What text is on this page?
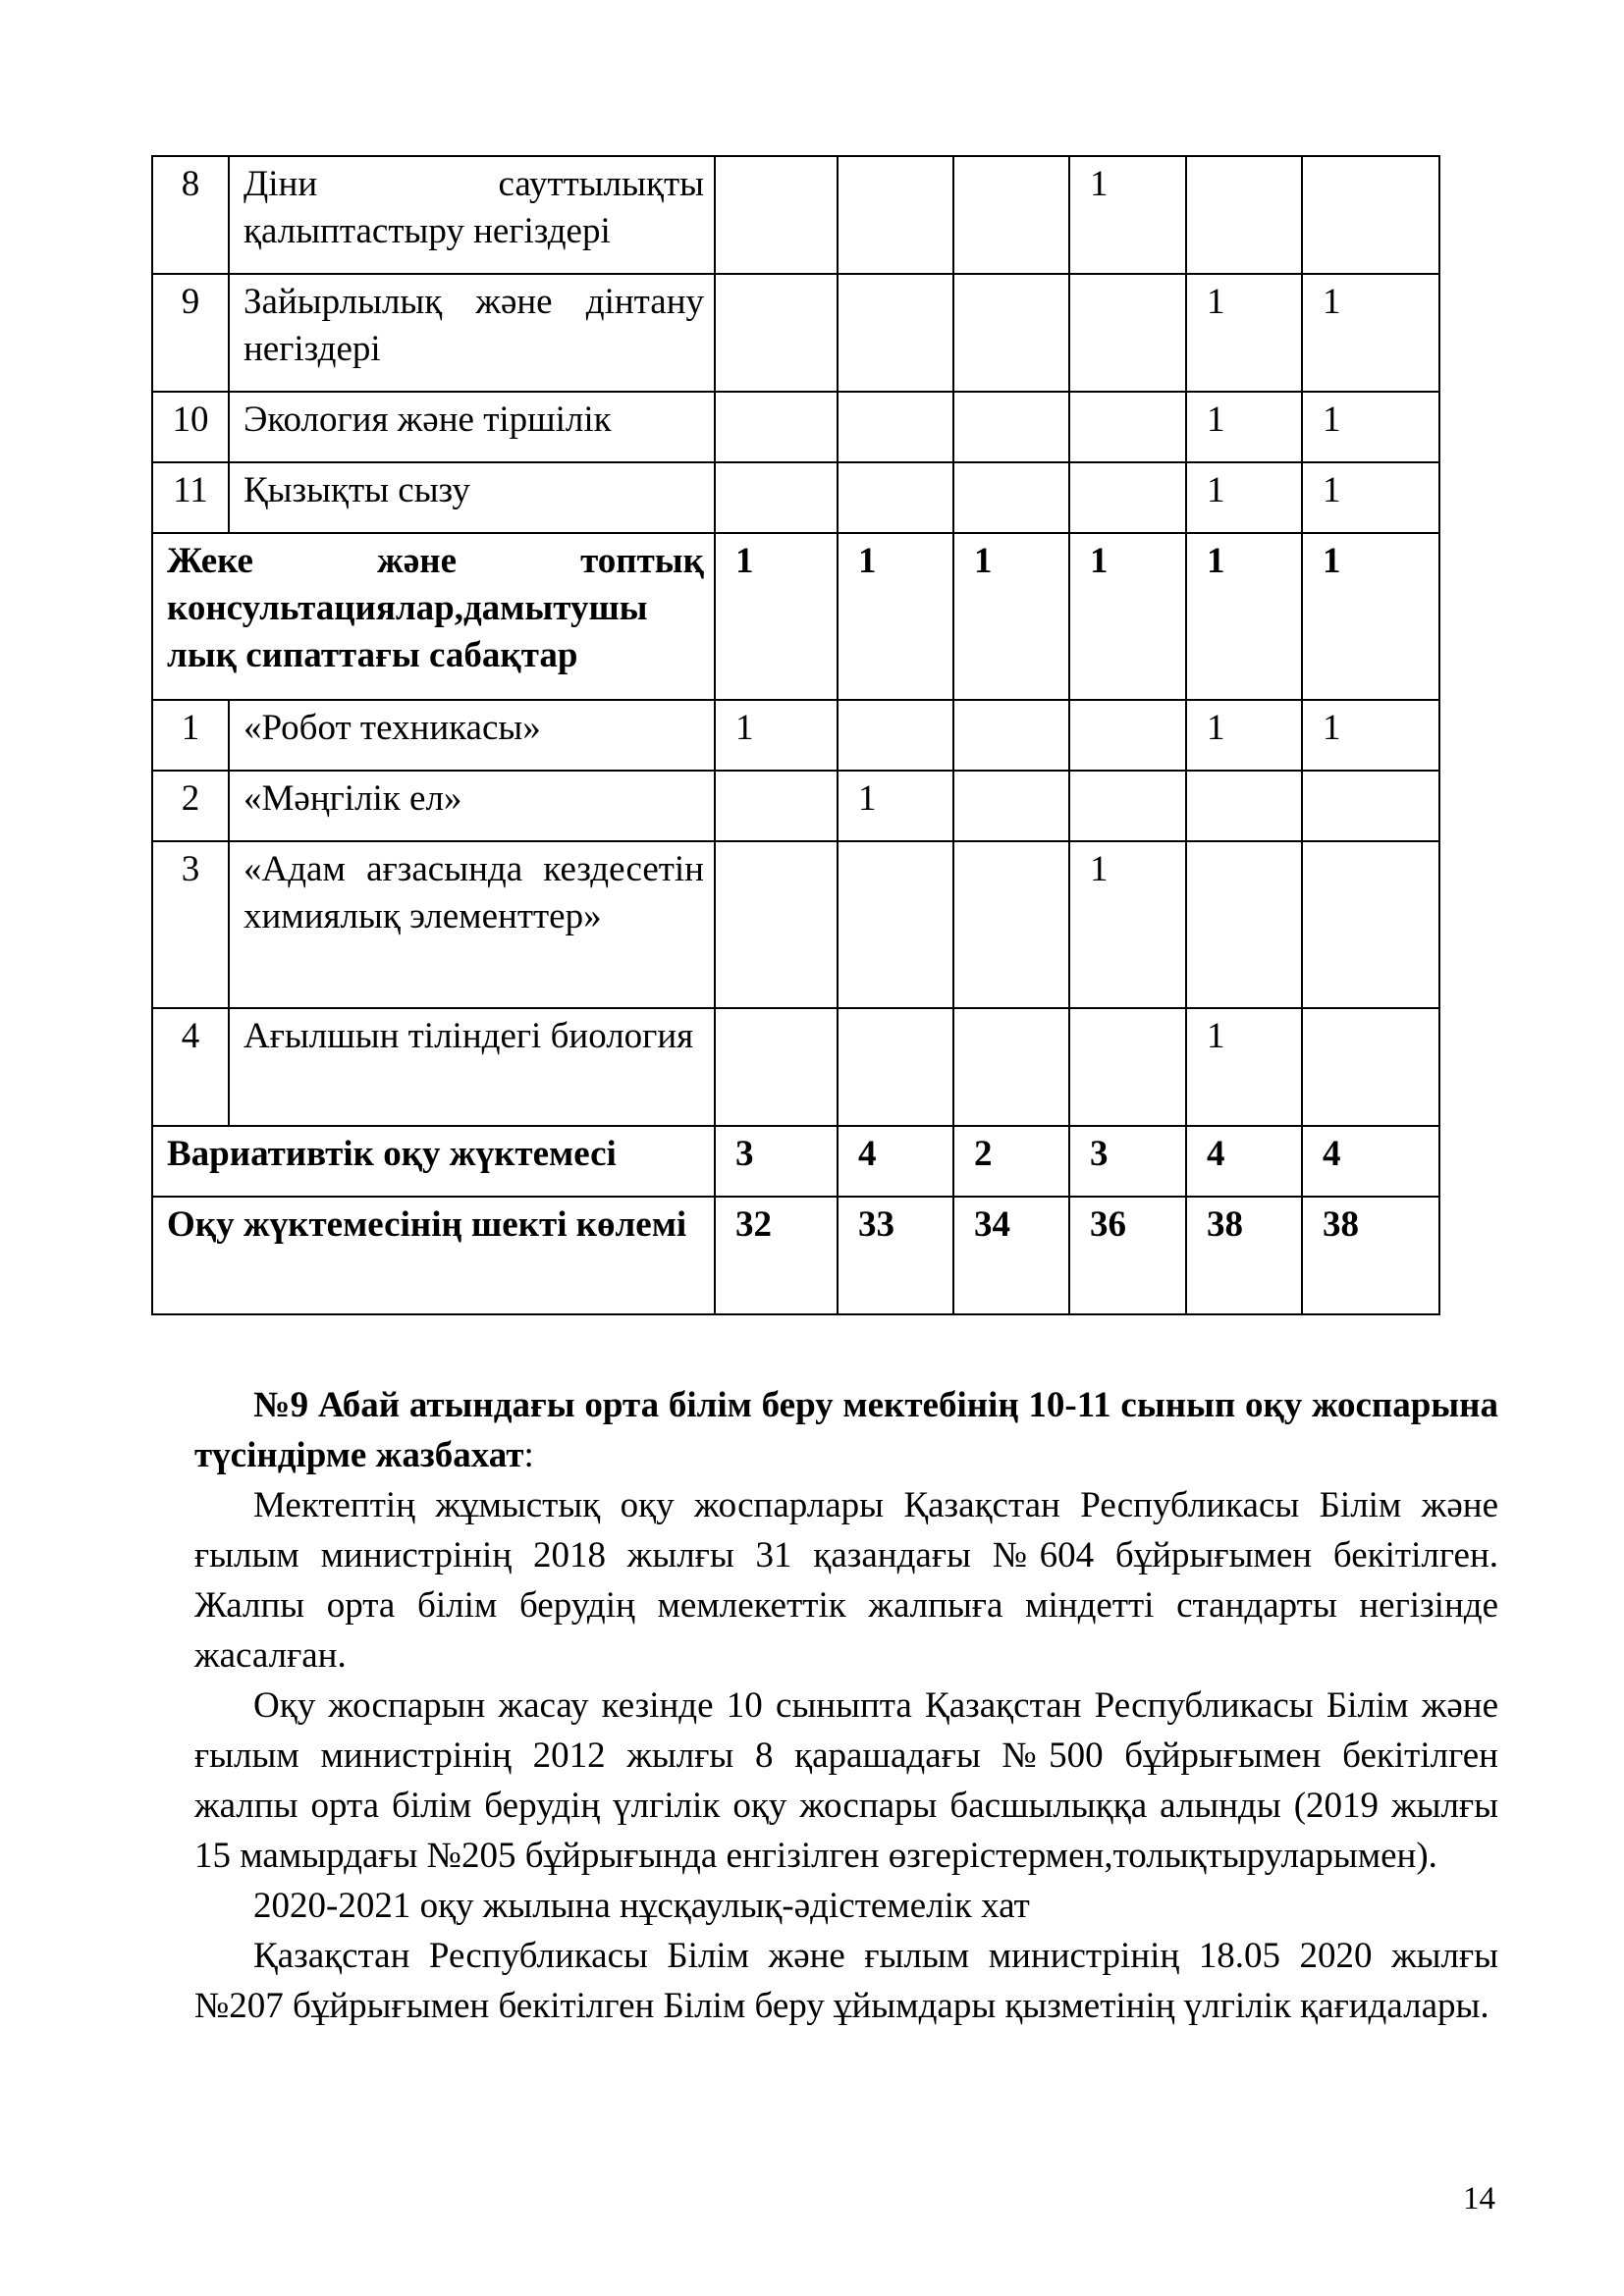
8	Діни сауттылықты қалыптастыру негіздері				1		
9	Зайырлылық және дінтану негіздері					1	1
10	Экология және тіршілік					1	1
11	Қызықты сызу					1	1
Жеке және топтық консультациялар,дамытушы лық сипаттағы сабақтар		1	1	1	1	1	1
1	«Робот техникасы»	1				1	1
2	«Мәңгілік ел»		1				
3	«Адам ағзасында кездесетін химиялық элементтер»				1		
4	Ағылшын тіліндегі биология					1	
Вариативтік оқу жүктемесі		3	4	2	3	4	4
Оқу жүктемесінің шекті көлемі		32	33	34	36	38	38

№9 Абай атындағы орта білім беру мектебінің 10-11 сынып оқу жоспарына түсіндірме жазбахат:

Мектептің жұмыстық оқу жоспарлары Қазақстан Республикасы Білім және ғылым министрінің 2018 жылғы 31 қазандағы №604 бұйрығымен бекітілген. Жалпы орта білім берудің мемлекеттік жалпыға міндетті стандарты негізінде жасалған.

Оқу жоспарын жасау кезінде 10 сыныпта Қазақстан Республикасы Білім және ғылым министрінің 2012 жылғы 8 қарашадағы №500 бұйрығымен бекітілген жалпы орта білім берудің үлгілік оқу жоспары басшылыққа алынды (2019 жылғы 15 мамырдағы №205 бұйрығында енгізілген өзгерістермен,толықтыруларымен).

2020-2021 оқу жылына нұсқаулық-әдістемелік хат

Қазақстан Республикасы Білім және ғылым министрінің 18.05 2020 жылғы №207 бұйрығымен бекітілген Білім беру ұйымдары қызметінің үлгілік қағидалары.

14
